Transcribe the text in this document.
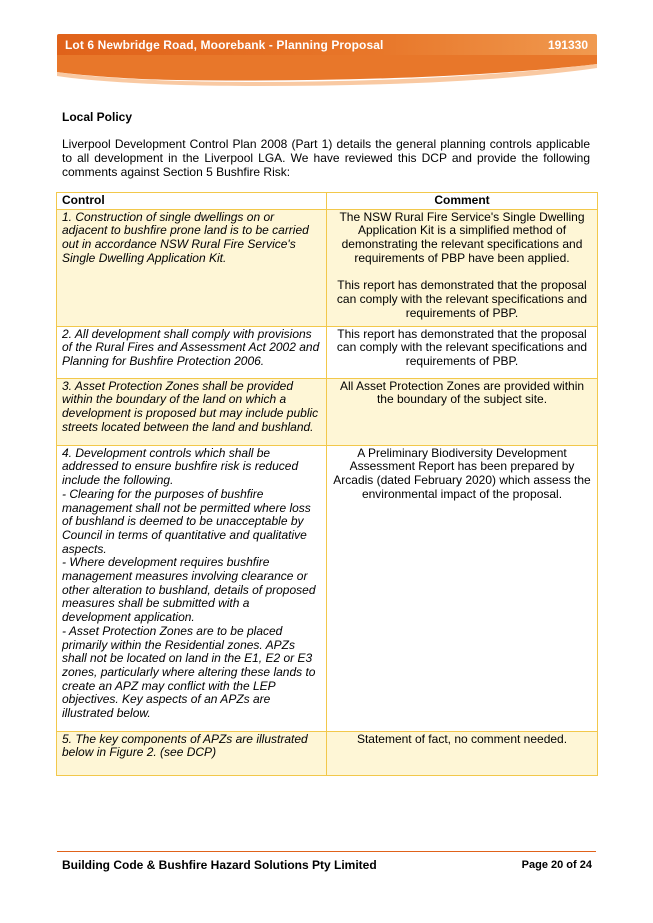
Lot 6 Newbridge Road, Moorebank - Planning Proposal	191330
Local Policy

Liverpool Development Control Plan 2008 (Part 1) details the general planning controls applicable to all development in the Liverpool LGA. We have reviewed this DCP and provide the following comments against Section 5 Bushfire Risk:

Control	Comment

1. Construction of single dwellings on or adjacent to bushfire prone land is to be carried out in accordance NSW Rural Fire Service's Single Dwelling Application Kit.	The NSW Rural Fire Service's Single Dwelling Application Kit is a simplified method of demonstrating the relevant specifications and requirements of PBP have been applied.
This report has demonstrated that the proposal can comply with the relevant specifications and requirements of PBP.

2. All development shall comply with provisions of the Rural Fires and Assessment Act 2002 and Planning for Bushfire Protection 2006.	This report has demonstrated that the proposal can comply with the relevant specifications and requirements of PBP.

3. Asset Protection Zones shall be provided within the boundary of the land on which a development is proposed but may include public streets located between the land and bushland.	All Asset Protection Zones are provided within the boundary of the subject site.

4. Development controls which shall be addressed to ensure bushfire risk is reduced include the following.
- Clearing for the purposes of bushfire management shall not be permitted where loss of bushland is deemed to be unacceptable by Council in terms of quantitative and qualitative aspects.
- Where development requires bushfire management measures involving clearance or other alteration to bushland, details of proposed measures shall be submitted with a development application.
- Asset Protection Zones are to be placed primarily within the Residential zones. APZs shall not be located on land in the E1, E2 or E3 zones, particularly where altering these lands to create an APZ may conflict with the LEP objectives. Key aspects of an APZs are illustrated below.	A Preliminary Biodiversity Development Assessment Report has been prepared by Arcadis (dated February 2020) which assess the environmental impact of the proposal.

5. The key components of APZs are illustrated below in Figure 2. (see DCP)	Statement of fact, no comment needed.
Building Code & Bushfire Hazard Solutions Pty Limited	Page 20 of 24
